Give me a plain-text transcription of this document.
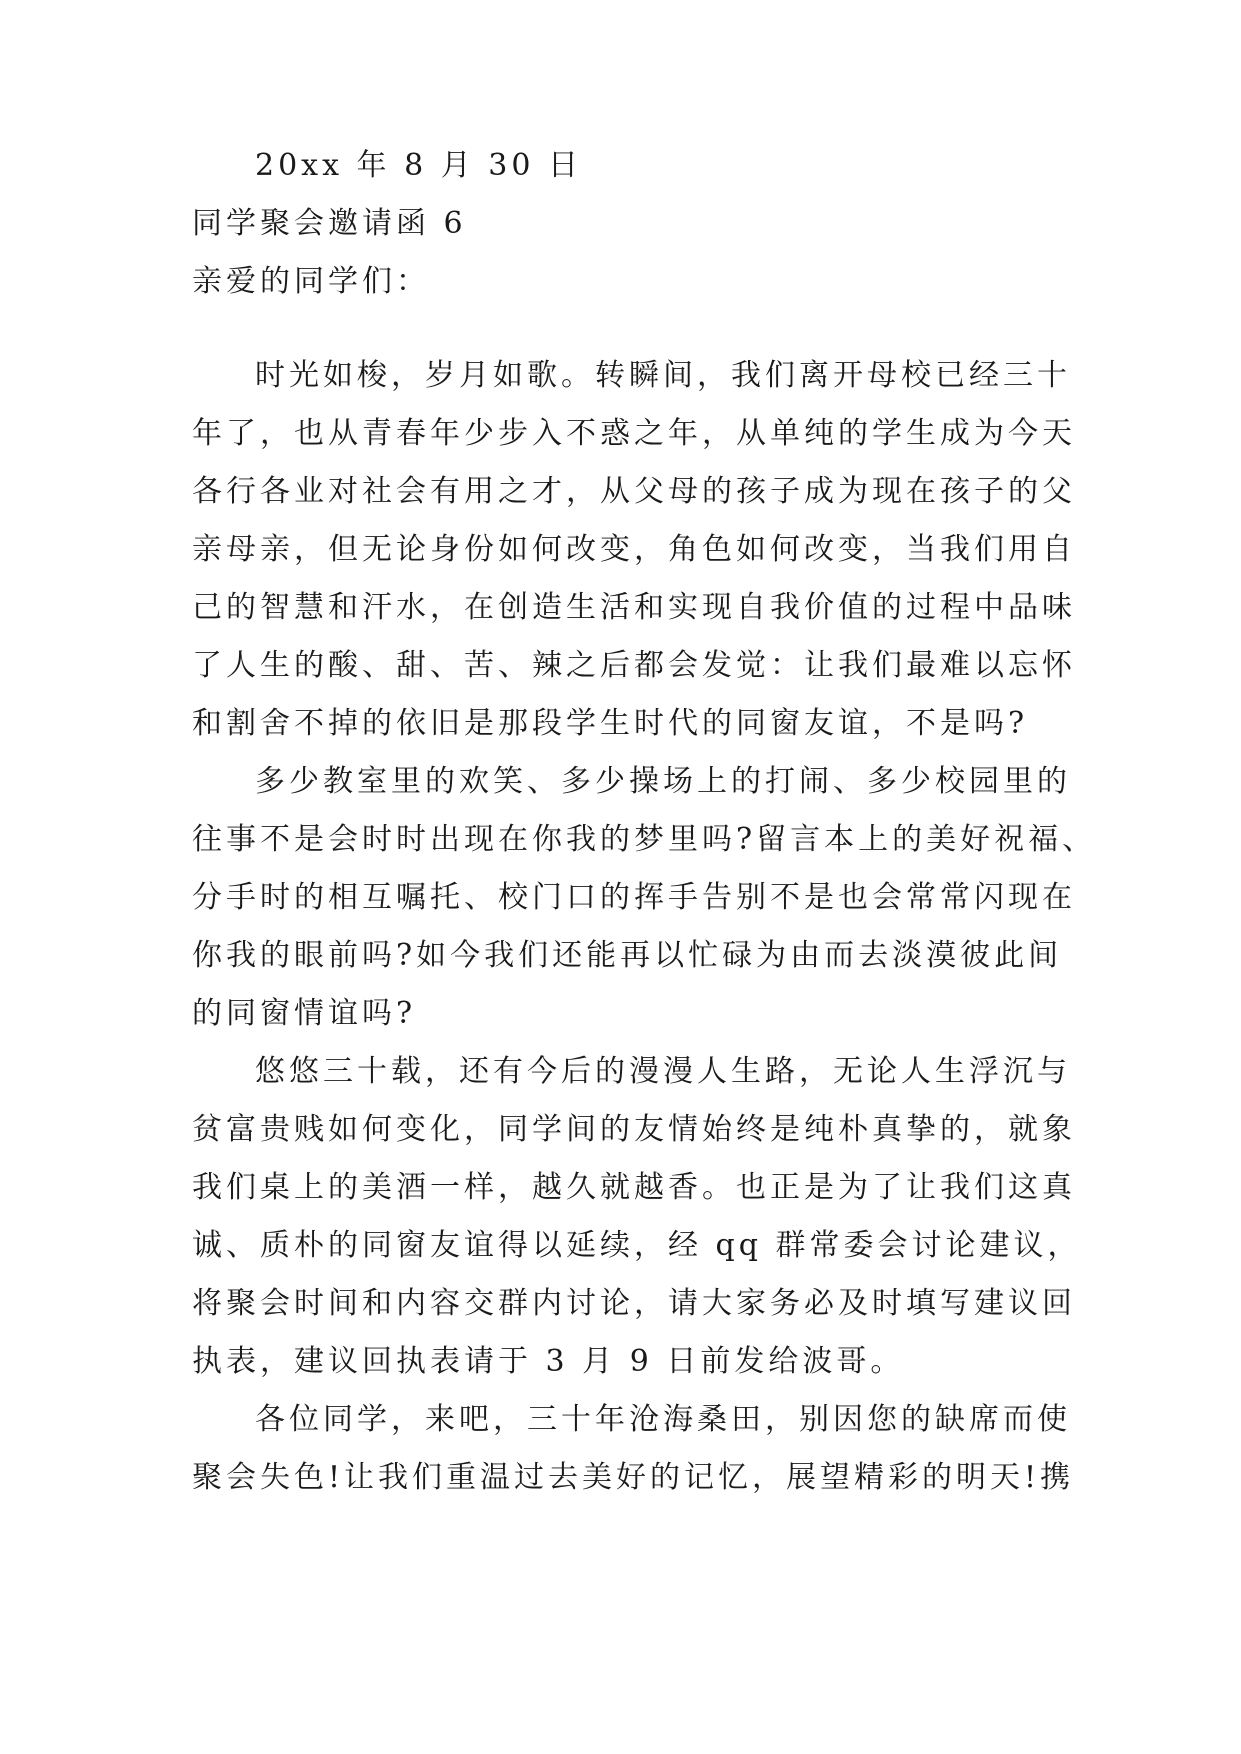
20xx 年 8 月 30 日
同学聚会邀请函 6
亲爱的同学们：
时光如梭，岁月如歌。转瞬间，我们离开母校已经三十
年了，也从青春年少步入不惑之年，从单纯的学生成为今天
各行各业对社会有用之才，从父母的孩子成为现在孩子的父
亲母亲，但无论身份如何改变，角色如何改变，当我们用自
己的智慧和汗水，在创造生活和实现自我价值的过程中品味
了人生的酸、甜、苦、辣之后都会发觉：让我们最难以忘怀
和割舍不掉的依旧是那段学生时代的同窗友谊，不是吗?
多少教室里的欢笑、多少操场上的打闹、多少校园里的
往事不是会时时出现在你我的梦里吗?留言本上的美好祝福、
分手时的相互嘱托、校门口的挥手告别不是也会常常闪现在
你我的眼前吗?如今我们还能再以忙碌为由而去淡漠彼此间
的同窗情谊吗?
悠悠三十载，还有今后的漫漫人生路，无论人生浮沉与
贫富贵贱如何变化，同学间的友情始终是纯朴真挚的，就象
我们桌上的美酒一样，越久就越香。也正是为了让我们这真
诚、质朴的同窗友谊得以延续，经 qq 群常委会讨论建议，
将聚会时间和内容交群内讨论，请大家务必及时填写建议回
执表，建议回执表请于 3 月 9 日前发给波哥。
各位同学，来吧，三十年沧海桑田，别因您的缺席而使
聚会失色!让我们重温过去美好的记忆，展望精彩的明天!携
